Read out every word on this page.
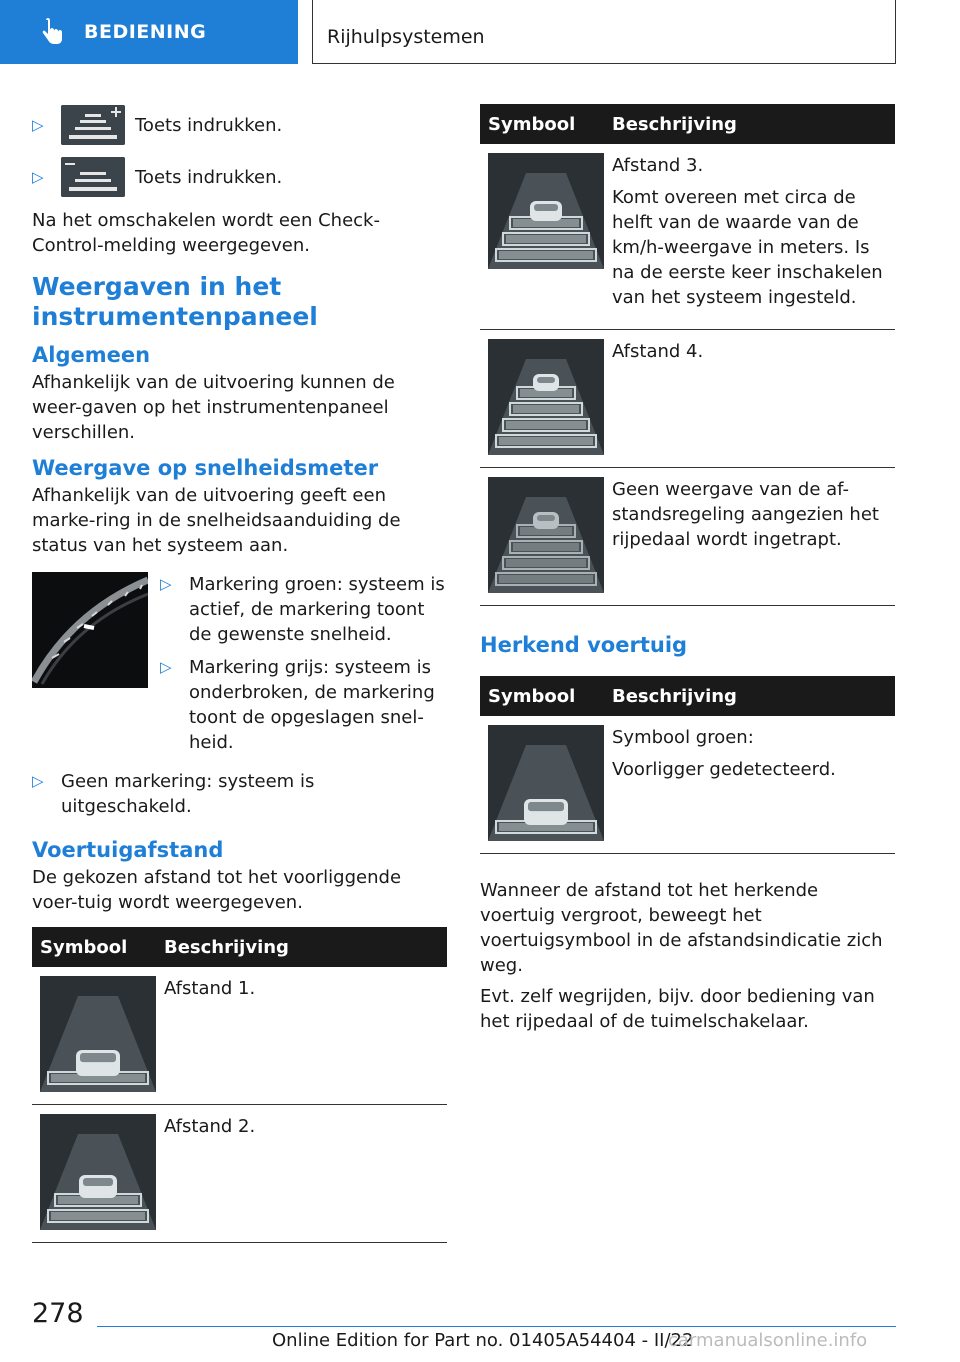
BEDIENING	Rijhulpsystemen
▷	Toets indrukken.
▷	Toets indrukken.

Na het omschakelen wordt een Check-Control-melding weergegeven.

Weergaven in het instrumentenpaneel
Algemeen

Afhankelijk van de uitvoering kunnen de weer-gaven op het instrumentenpaneel verschillen.

Weergave op snelheidsmeter

Afhankelijk van de uitvoering geeft een marke-ring in de snelheidsaanduiding de status van het systeem aan.

▷ Markering groen: systeem is actief, de markering toont de gewenste snelheid.
▷ Markering grijs: systeem is onderbroken, de markering toont de opgeslagen snel-heid.
▷ Geen markering: systeem is uitgeschakeld.
Voertuigafstand

De gekozen afstand tot het voorliggende voer-tuig wordt weergegeven.

Symbool	Beschrijving

Afstand 1.

Afstand 2.
Symbool	Beschrijving

Afstand 3.
Komt overeen met circa de helft van de waarde van de km/h-weergave in meters. Is na de eerste keer inschakelen van het systeem ingesteld.

Afstand 4.

Geen weergave van de af-standsregeling aangezien het rijpedaal wordt ingetrapt.
Herkend voertuig
Symbool	Beschrijving

Symbool groen:
Voorligger gedetecteerd.

Wanneer de afstand tot het herkende voertuig vergroot, beweegt het voertuigsymbool in de afstandsindicatie zich weg.

Evt. zelf wegrijden, bijv. door bediening van het rijpedaal of de tuimelschakelaar.

278
Online Edition for Part no. 01405A54404 - II/22
carmanualsonline.info
